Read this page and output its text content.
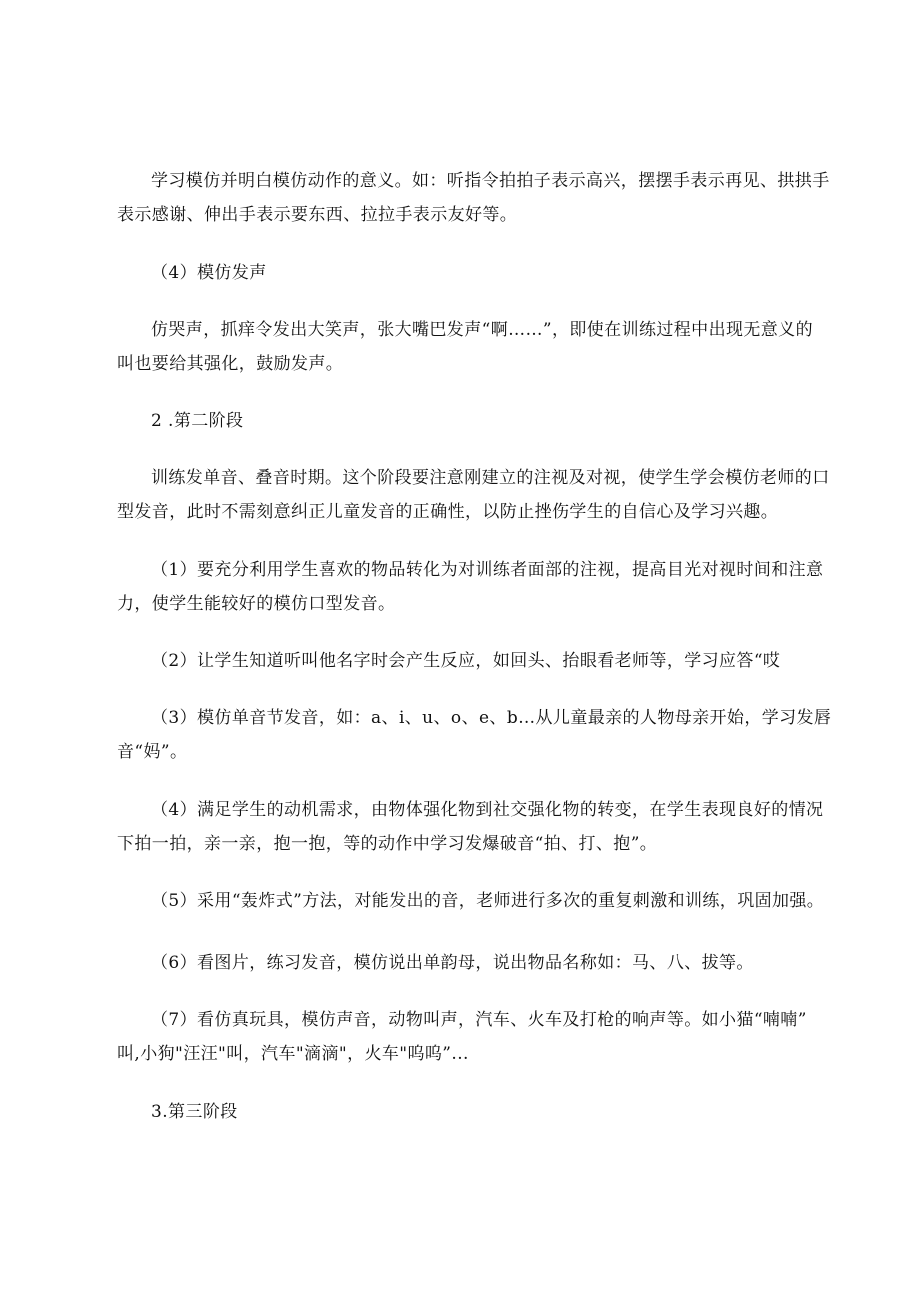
学习模仿并明白模仿动作的意义。如：听指令拍拍子表示高兴，摆摆手表示再见、拱拱手
表示感谢、伸出手表示要东西、拉拉手表示友好等。
（4）模仿发声
仿哭声，抓痒令发出大笑声，张大嘴巴发声“啊……”，即使在训练过程中出现无意义的
叫也要给其强化，鼓励发声。
2 .第二阶段
训练发单音、叠音时期。这个阶段要注意刚建立的注视及对视，使学生学会模仿老师的口
型发音，此时不需刻意纠正儿童发音的正确性，以防止挫伤学生的自信心及学习兴趣。
（1）要充分利用学生喜欢的物品转化为对训练者面部的注视，提高目光对视时间和注意
力，使学生能较好的模仿口型发音。
（2）让学生知道听叫他名字时会产生反应，如回头、抬眼看老师等，学习应答“哎
（3）模仿单音节发音，如：a、i、u、o、e、b…从儿童最亲的人物母亲开始，学习发唇
音“妈”。
（4）满足学生的动机需求，由物体强化物到社交强化物的转变，在学生表现良好的情况
下拍一拍，亲一亲，抱一抱，等的动作中学习发爆破音“拍、打、抱”。
（5）采用“轰炸式”方法，对能发出的音，老师进行多次的重复刺激和训练，巩固加强。
（6）看图片，练习发音，模仿说出单韵母，说出物品名称如：马、八、拔等。
（7）看仿真玩具，模仿声音，动物叫声，汽车、火车及打枪的响声等。如小猫“喃喃”
叫,小狗"汪汪"叫，汽车"滴滴"，火车"呜呜”...
3.第三阶段
